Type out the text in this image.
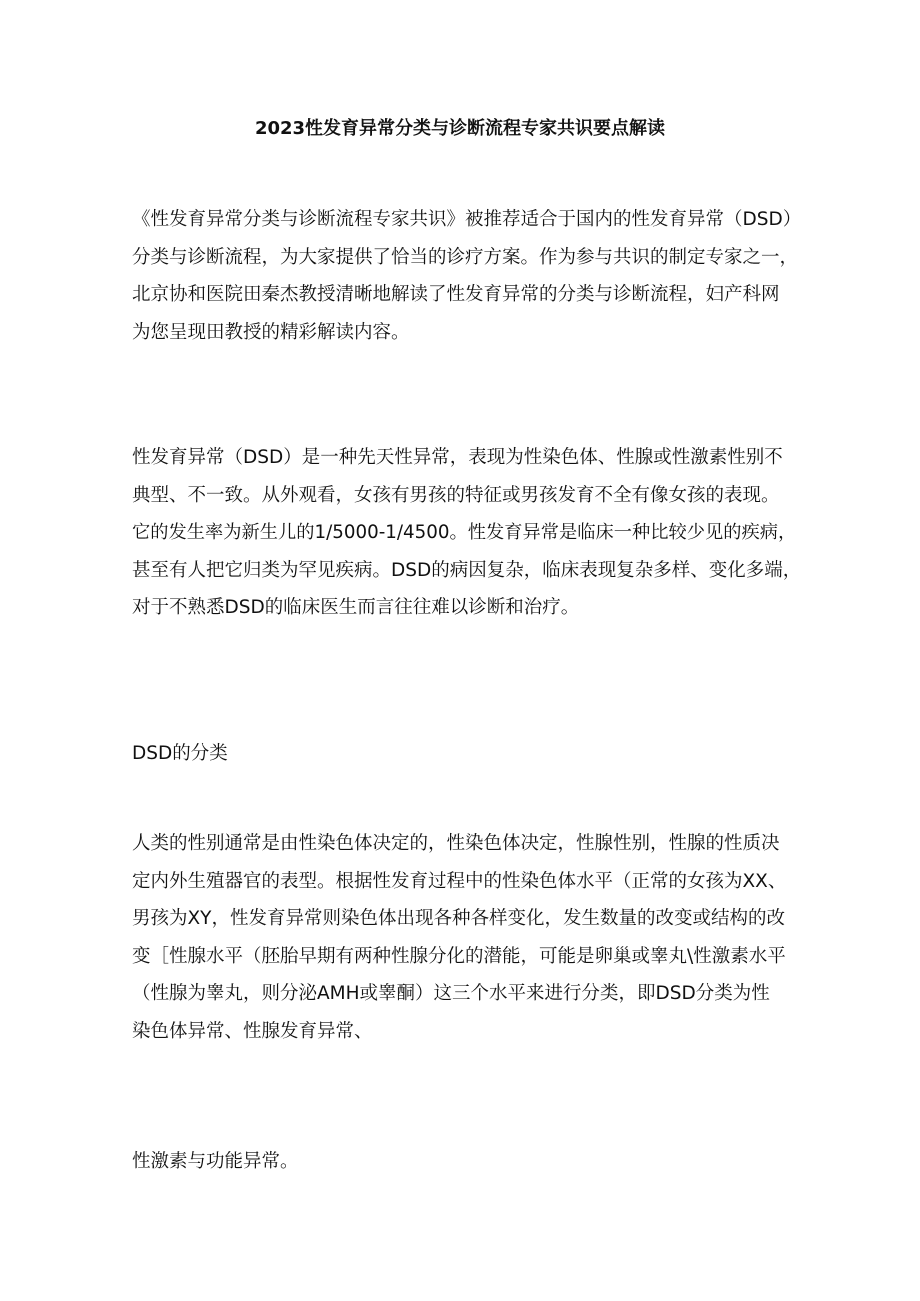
2023性发育异常分类与诊断流程专家共识要点解读

《性发育异常分类与诊断流程专家共识》被推荐适合于国内的性发育异常（DSD）
分类与诊断流程，为大家提供了恰当的诊疗方案。作为参与共识的制定专家之一，
北京协和医院田秦杰教授清晰地解读了性发育异常的分类与诊断流程，妇产科网
为您呈现田教授的精彩解读内容。

性发育异常（DSD）是一种先天性异常，表现为性染色体、性腺或性激素性别不
典型、不一致。从外观看，女孩有男孩的特征或男孩发育不全有像女孩的表现。
它的发生率为新生儿的1/5000-1/4500。性发育异常是临床一种比较少见的疾病，
甚至有人把它归类为罕见疾病。DSD的病因复杂，临床表现复杂多样、变化多端，
对于不熟悉DSD的临床医生而言往往难以诊断和治疗。

DSD的分类

人类的性别通常是由性染色体决定的，性染色体决定，性腺性别，性腺的性质决
定内外生殖器官的表型。根据性发育过程中的性染色体水平（正常的女孩为XX、
男孩为XY，性发育异常则染色体出现各种各样变化，发生数量的改变或结构的改
变［性腺水平（胚胎早期有两种性腺分化的潜能，可能是卵巢或睾丸\性激素水平
（性腺为睾丸，则分泌AMH或睾酮）这三个水平来进行分类，即DSD分类为性
染色体异常、性腺发育异常、

性激素与功能异常。
